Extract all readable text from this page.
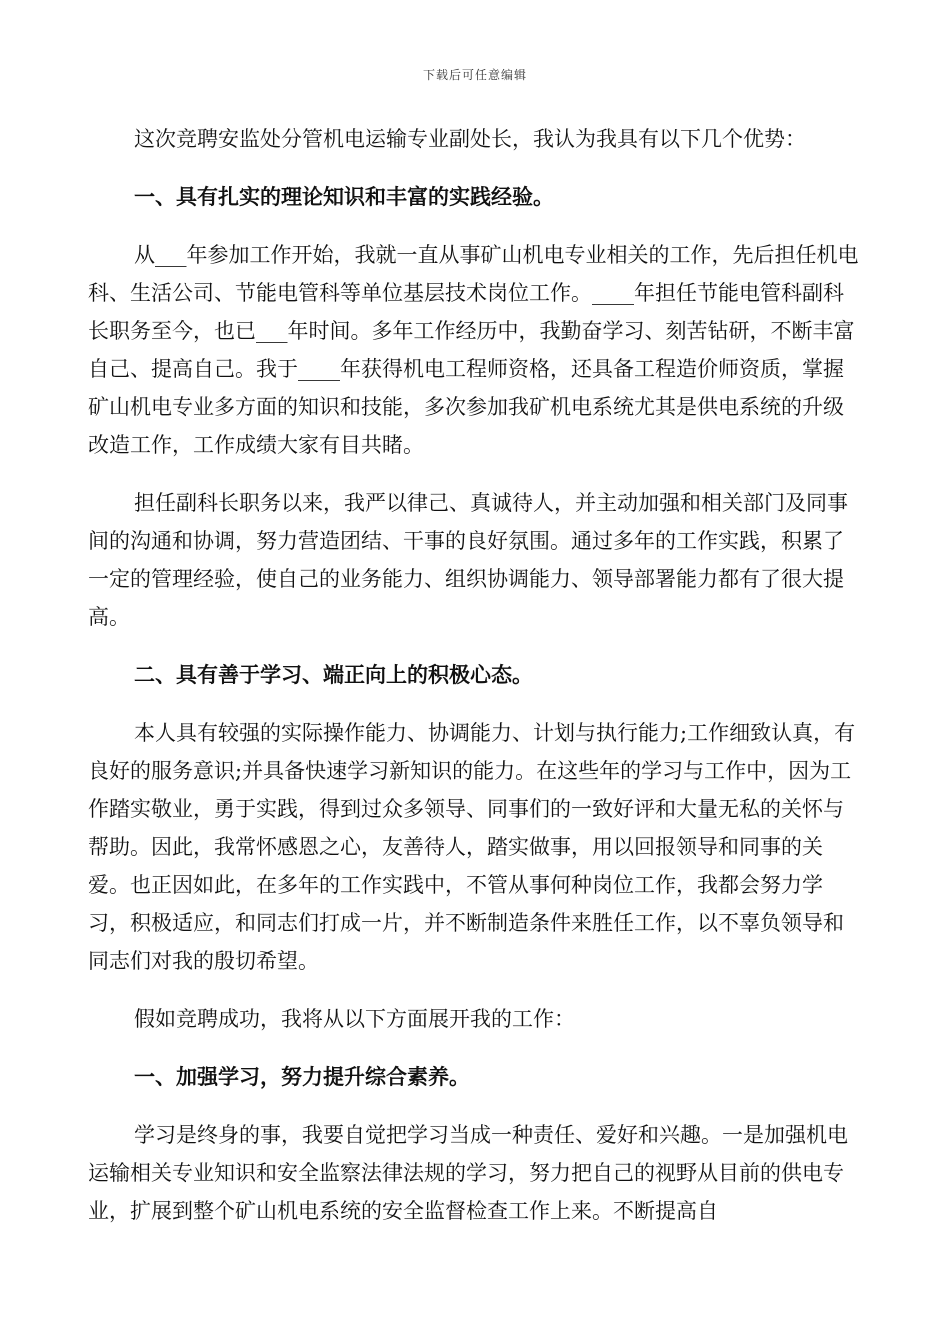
下载后可任意编辑

这次竞聘安监处分管机电运输专业副处长，我认为我具有以下几个优势：

一、具有扎实的理论知识和丰富的实践经验。

从___年参加工作开始，我就一直从事矿山机电专业相关的工作，先后担任机电科、生活公司、节能电管科等单位基层技术岗位工作。____年担任节能电管科副科长职务至今，也已___年时间。多年工作经历中，我勤奋学习、刻苦钻研，不断丰富自己、提高自己。我于____年获得机电工程师资格，还具备工程造价师资质，掌握矿山机电专业多方面的知识和技能，多次参加我矿机电系统尤其是供电系统的升级改造工作，工作成绩大家有目共睹。

担任副科长职务以来，我严以律己、真诚待人，并主动加强和相关部门及同事间的沟通和协调，努力营造团结、干事的良好氛围。通过多年的工作实践，积累了一定的管理经验，使自己的业务能力、组织协调能力、领导部署能力都有了很大提高。

二、具有善于学习、端正向上的积极心态。

本人具有较强的实际操作能力、协调能力、计划与执行能力;工作细致认真，有良好的服务意识;并具备快速学习新知识的能力。在这些年的学习与工作中，因为工作踏实敬业，勇于实践，得到过众多领导、同事们的一致好评和大量无私的关怀与帮助。因此，我常怀感恩之心，友善待人，踏实做事，用以回报领导和同事的关爱。也正因如此，在多年的工作实践中，不管从事何种岗位工作，我都会努力学习，积极适应，和同志们打成一片，并不断制造条件来胜任工作，以不辜负领导和同志们对我的殷切希望。

假如竞聘成功，我将从以下方面展开我的工作：

一、加强学习，努力提升综合素养。

学习是终身的事，我要自觉把学习当成一种责任、爱好和兴趣。一是加强机电运输相关专业知识和安全监察法律法规的学习，努力把自己的视野从目前的供电专业，扩展到整个矿山机电系统的安全监督检查工作上来。不断提高自
